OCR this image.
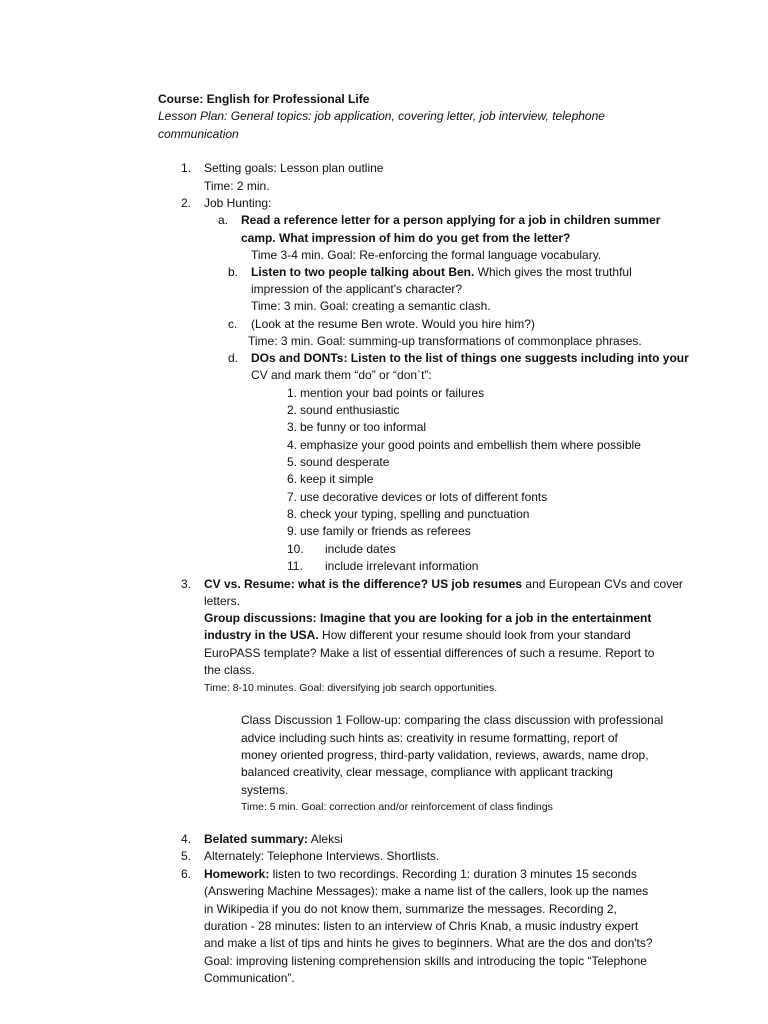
Course: English for Professional Life
Lesson Plan: General topics: job application, covering letter, job interview, telephone
communication
1. Setting goals: Lesson plan outline
Time: 2 min.
2. Job Hunting:
a. Read a reference letter for a person applying for a job in children summer
camp. What impression of him do you get from the letter?
Time 3-4 min. Goal: Re-enforcing the formal language vocabulary.
b. Listen to two people talking about Ben. Which gives the most truthful
impression of the applicant's character?
Time: 3 min. Goal: creating a semantic clash.
c. (Look at the resume Ben wrote. Would you hire him?)
Time: 3 min. Goal: summing-up transformations of commonplace phrases.
d. DOs and DONTs: Listen to the list of things one suggests including into your
CV and mark them “do” or “don`t”:
1. mention your bad points or failures
2. sound enthusiastic
3. be funny or too informal
4. emphasize your good points and embellish them where possible
5. sound desperate
6. keep it simple
7. use decorative devices or lots of different fonts
8. check your typing, spelling and punctuation
9. use family or friends as referees
10. include dates
11. include irrelevant information
3. CV vs. Resume: what is the difference? US job resumes and European CVs and cover
letters.
Group discussions: Imagine that you are looking for a job in the entertainment
industry in the USA. How different your resume should look from your standard
EuroPASS template? Make a list of essential differences of such a resume. Report to
the class.
Time: 8-10 minutes. Goal: diversifying job search opportunities.
Class Discussion 1 Follow-up: comparing the class discussion with professional
advice including such hints as: creativity in resume formatting, report of
money oriented progress, third-party validation, reviews, awards, name drop,
balanced creativity, clear message, compliance with applicant tracking
systems.
Time: 5 min. Goal: correction and/or reinforcement of class findings
4. Belated summary: Aleksi
5. Alternately: Telephone Interviews. Shortlists.
6. Homework: listen to two recordings. Recording 1: duration 3 minutes 15 seconds
(Answering Machine Messages): make a name list of the callers, look up the names
in Wikipedia if you do not know them, summarize the messages. Recording 2,
duration - 28 minutes: listen to an interview of Chris Knab, a music industry expert
and make a list of tips and hints he gives to beginners. What are the dos and don'ts?
Goal: improving listening comprehension skills and introducing the topic “Telephone
Communication”.
